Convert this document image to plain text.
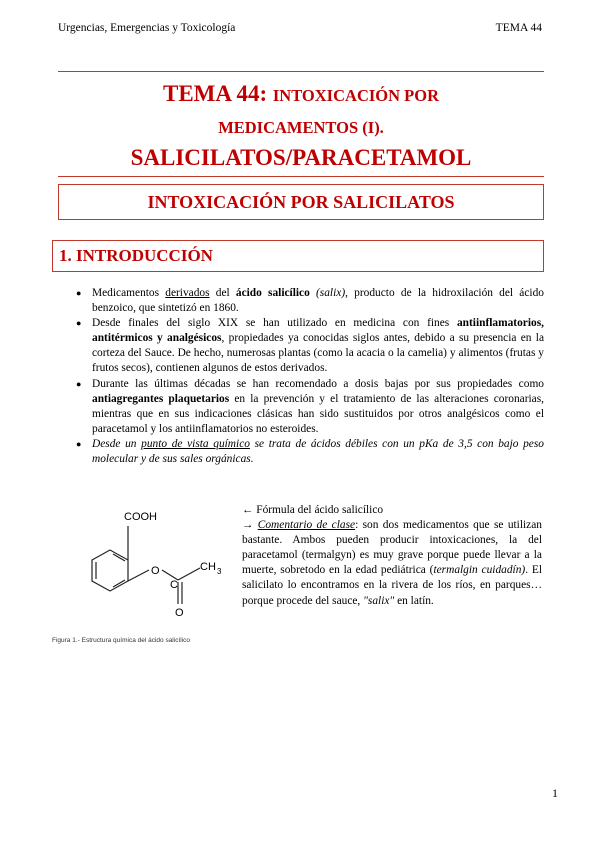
Urgencias, Emergencias y Toxicología	TEMA 44
TEMA 44: INTOXICACIÓN POR
MEDICAMENTOS (I).
SALICILATOS/PARACETAMOL
INTOXICACIÓN POR SALICILATOS
1. INTRODUCCIÓN
● Medicamentos derivados del ácido salicílico (salix), producto de la hidroxilación del ácido benzoico, que sintetizó en 1860.
● Desde finales del siglo XIX se han utilizado en medicina con fines antiinflamatorios, antitérmicos y analgésicos, propiedades ya conocidas siglos antes, debido a su presencia en la corteza del Sauce. De hecho, numerosas plantas (como la acacia o la camelia) y alimentos (frutas y frutos secos), contienen algunos de estos derivados.
● Durante las últimas décadas se han recomendado a dosis bajas por sus propiedades como antiagregantes plaquetarios en la prevención y el tratamiento de las alteraciones coronarias, mientras que en sus indicaciones clásicas han sido sustituidos por otros analgésicos como el paracetamol y los antiinflamatorios no esteroides.
● Desde un punto de vista químico se trata de ácidos débiles con un pKa de 3,5 con bajo peso molecular y de sus sales orgánicas.
COOH
O	CH 3
C
O
Figura 1.- Estructura química del ácido salicílico

← Fórmula del ácido salicílico

→ Comentario de clase: son dos medicamentos que se utilizan bastante. Ambos pueden producir intoxicaciones, la del paracetamol (termalgyn) es muy grave porque puede llevar a la muerte, sobretodo en la edad pediátrica (termalgin cuidadín). El salicilato lo encontramos en la rivera de los ríos, en parques… porque procede del sauce, "salix" en latín.

1
